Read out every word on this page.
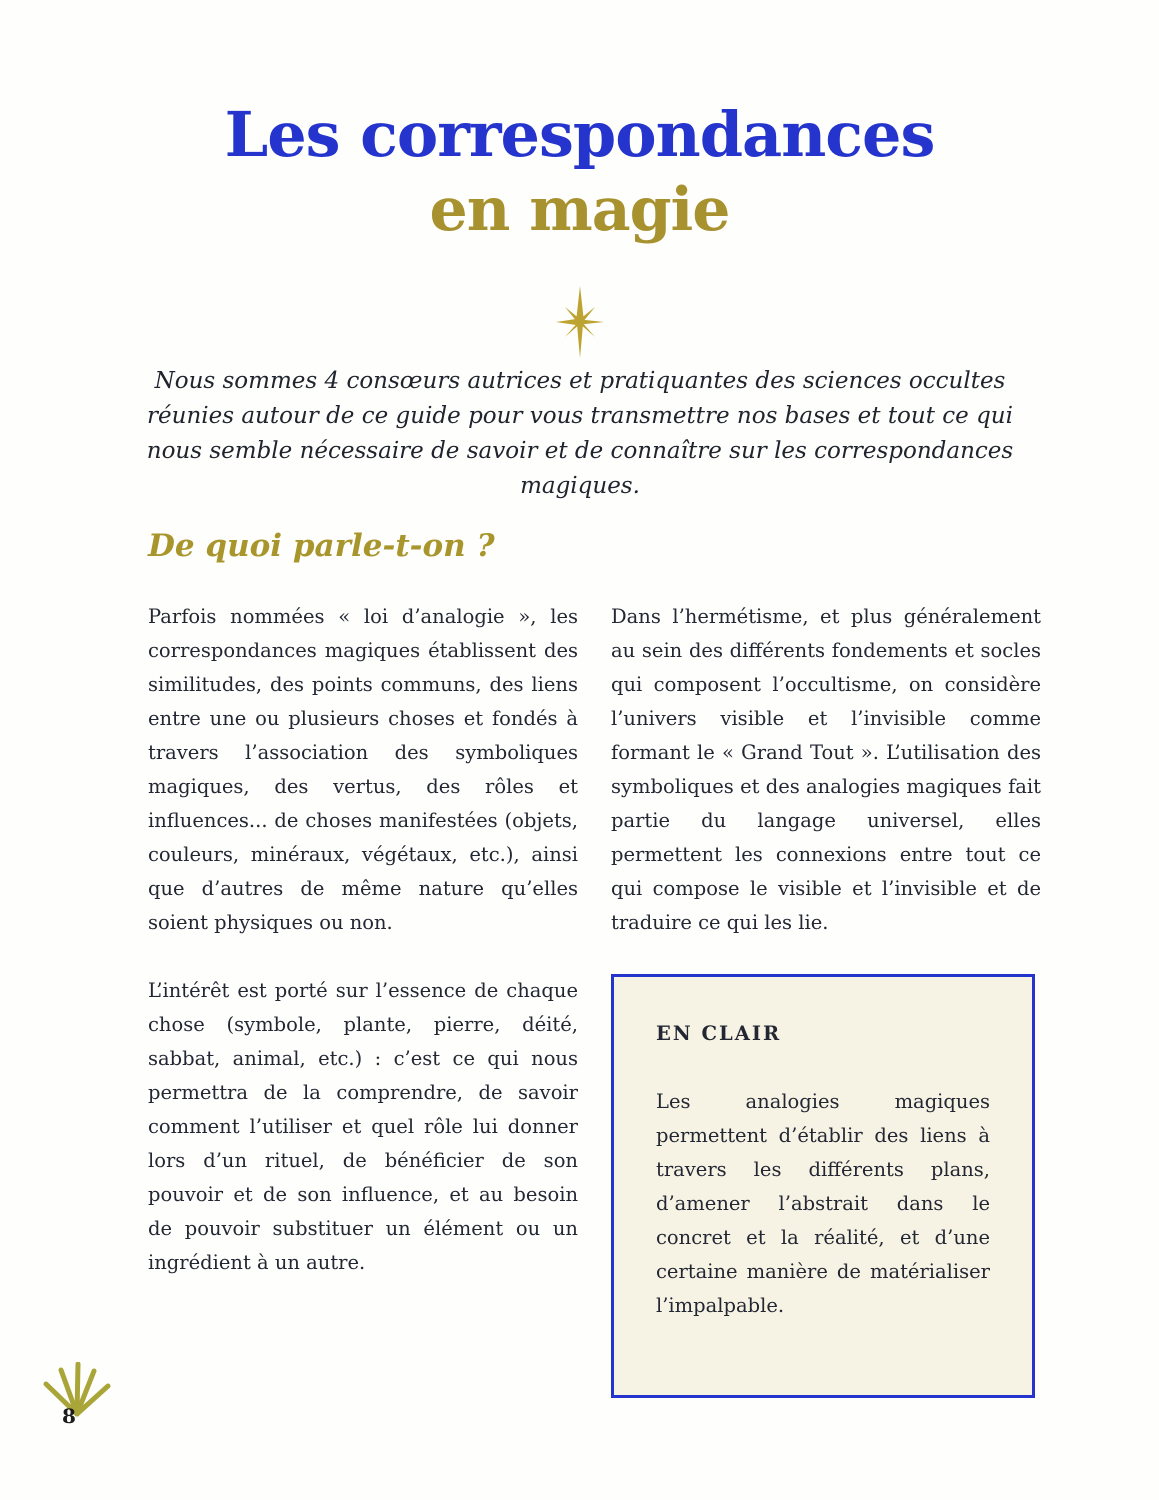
Les correspondances
en magie
Nous sommes 4 consœurs autrices et pratiquantes des sciences occultes réunies autour de ce guide pour vous transmettre nos bases et tout ce qui nous semble nécessaire de savoir et de connaître sur les correspondances magiques.
De quoi parle-t-on ?

Parfois nommées « loi d’analogie », les correspondances magiques établissent des similitudes, des points communs, des liens entre une ou plusieurs choses et fondés à travers l’association des symboliques magiques, des vertus, des rôles et influences... de choses manifestées (objets, couleurs, minéraux, végétaux, etc.), ainsi que d’autres de même nature qu’elles soient physiques ou non.

L’intérêt est porté sur l’essence de chaque chose (symbole, plante, pierre, déité, sabbat, animal, etc.) : c’est ce qui nous permettra de la comprendre, de savoir comment l’utiliser et quel rôle lui donner lors d’un rituel, de bénéficier de son pouvoir et de son influence, et au besoin de pouvoir substituer un élément ou un ingrédient à un autre.

Dans l’hermétisme, et plus généralement au sein des différents fondements et socles qui composent l’occultisme, on considère l’univers visible et l’invisible comme formant le « Grand Tout ». L’utilisation des symboliques et des analogies magiques fait partie du langage universel, elles permettent les connexions entre tout ce qui compose le visible et l’invisible et de traduire ce qui les lie.

EN CLAIR

Les analogies magiques permettent d’établir des liens à travers les différents plans, d’amener l’abstrait dans le concret et la réalité, et d’une certaine manière de matérialiser l’impalpable.

8
